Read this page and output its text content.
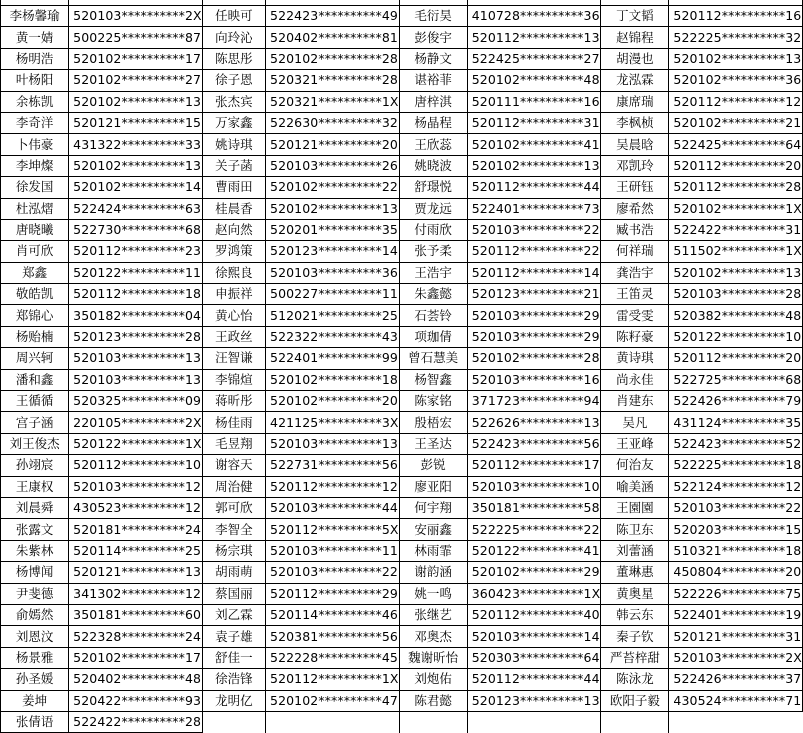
李杨馨瑜	520103**********2X	任映可	522423**********49	毛衍昊	410728**********36	丁文韬	520112**********16
黄一婧	500225**********87	向玲沁	520402**********81	彭俊宇	520112**********13	赵锦程	522225**********32
杨明浩	520102**********17	陈思彤	520102**********28	杨静文	522425**********27	胡漫也	520102**********13
叶杨阳	520102**********27	徐子恩	520321**********28	谌裕菲	520102**********48	龙泓霖	520102**********36
余栋凯	520102**********13	张杰宾	520321**********1X	唐梓淇	520111**********16	康席瑞	520112**********12
李奇洋	520121**********15	万家鑫	522630**********32	杨晶程	520112**********31	李枫桢	520102**********21
卜伟豪	431322**********33	姚诗琪	520121**********20	王欣蕊	520102**********41	吴晨晗	522425**********64
李坤燦	520102**********13	关子菡	520103**********26	姚晓波	520102**********13	邓凯玲	520112**********20
徐发国	520102**********14	曹雨田	520102**********22	舒璟悦	520112**********44	王研钰	520112**********28
杜泓熠	522424**********63	桂晨香	520102**********13	贾龙远	522401**********73	廖希然	520102**********1X
唐晓曦	522730**********68	赵向然	520201**********35	付雨欣	520103**********22	臧书浩	522422**********31
肖可欣	520112**********23	罗鸿策	520123**********14	张予柔	520112**********22	何祥瑞	511502**********1X
郑鑫	520122**********11	徐熙良	520103**********36	王浩宇	520112**********14	龚浩宇	520102**********13
敬皓凯	520112**********18	申振祥	500227**********11	朱鑫懿	520123**********21	王笛灵	520103**********28
郑锦心	350182**********04	黄心怡	512021**********25	石荟铃	520103**********29	雷受雯	520382**********48
杨贻楠	520123**********28	王政丝	522322**********43	项珈倩	520103**********29	陈籽豪	520122**********10
周兴轲	520103**********13	汪智谦	522401**********99	曾石慧美	520102**********28	黄诗琪	520112**********20
潘和鑫	520103**********13	李锦煊	520102**********18	杨智鑫	520103**********16	尚永佳	522725**********68
王循循	520325**********09	蒋昕彤	520102**********20	陈家铭	371723**********94	肖建东	522426**********79
宫子涵	220105**********2X	杨佳雨	421125**********3X	殷梧宏	522626**********13	吴凡	431124**********35
刘王俊杰	520122**********1X	毛昱翔	520103**********13	王圣达	522423**********56	王亚峰	522423**********52
孙翊宸	520112**********10	谢容天	522731**********56	彭锐	520112**********17	何治友	522225**********18
王康权	520103**********12	周治健	520112**********12	廖亚阳	520103**********10	喻美涵	522124**********12
刘晨舜	430523**********12	郭可欣	520103**********44	何宇翔	350181**********58	王園園	520103**********22
张露文	520181**********24	李智全	520112**********5X	安丽鑫	522225**********22	陈卫东	520203**********15
朱紫林	520114**********25	杨宗琪	520103**********11	林雨霏	520122**********41	刘蕾涵	510321**********18
杨博闻	520121**********13	胡雨萌	520103**********22	谢韵涵	520102**********29	董琳惠	450804**********20
尹斐德	341302**********12	蔡国丽	520112**********29	姚一鸣	360423**********1X	黄奥星	522226**********75
俞嫣然	350181**********60	刘乙霖	520114**********46	张继艺	520112**********40	韩云东	522401**********19
刘恩汶	522328**********24	袁子雄	520381**********56	邓奥杰	520103**********14	秦子钦	520121**********31
杨景雅	520102**********17	舒佳一	522228**********45	魏谢昕怡	520303**********64	严苔梓甜	520103**********2X
孙圣媛	520402**********48	徐浩锋	520112**********1X	刘炮佑	520112**********44	陈泳龙	522426**********37
姜坤	520422**********93	龙明亿	520102**********47	陈君懿	520123**********13	欧阳子毅	430524**********71
张倩语	522422**********28						
